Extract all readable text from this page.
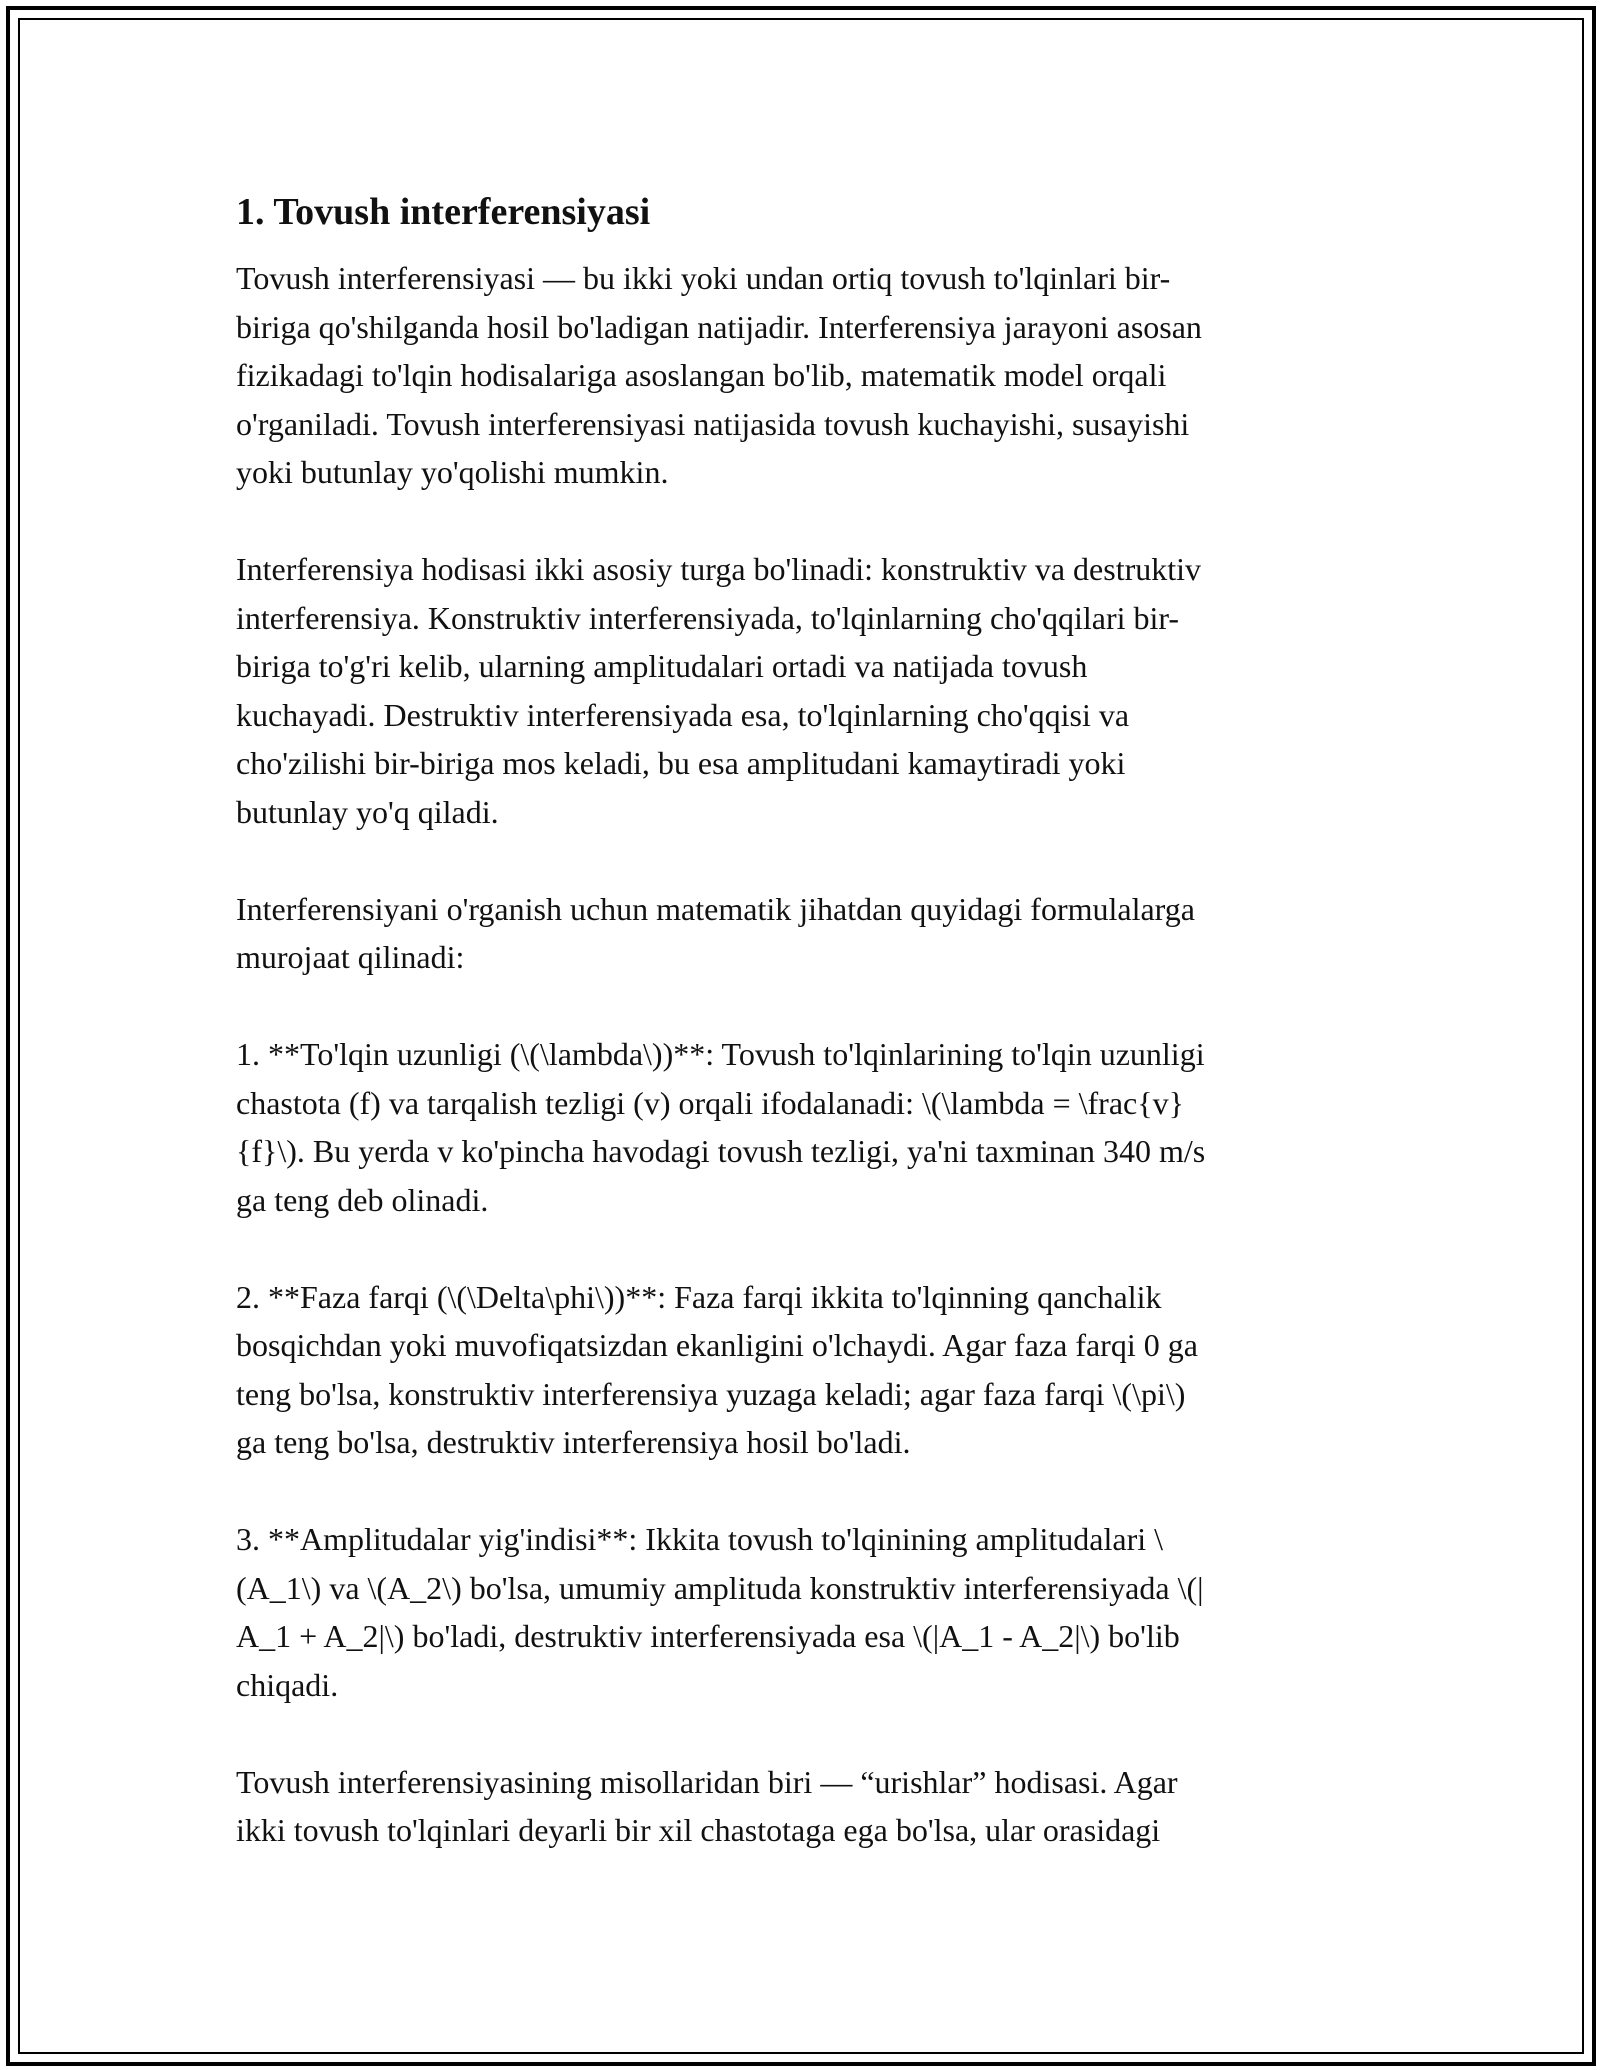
1. Tovush interferensiyasi
Tovush interferensiyasi — bu ikki yoki undan ortiq tovush to'lqinlari bir-
biriga qo'shilganda hosil bo'ladigan natijadir. Interferensiya jarayoni asosan
fizikadagi to'lqin hodisalariga asoslangan bo'lib, matematik model orqali
o'rganiladi. Tovush interferensiyasi natijasida tovush kuchayishi, susayishi
yoki butunlay yo'qolishi mumkin.
Interferensiya hodisasi ikki asosiy turga bo'linadi: konstruktiv va destruktiv
interferensiya. Konstruktiv interferensiyada, to'lqinlarning cho'qqilari bir-
biriga to'g'ri kelib, ularning amplitudalari ortadi va natijada tovush
kuchayadi. Destruktiv interferensiyada esa, to'lqinlarning cho'qqisi va
cho'zilishi bir-biriga mos keladi, bu esa amplitudani kamaytiradi yoki
butunlay yo'q qiladi.
Interferensiyani o'rganish uchun matematik jihatdan quyidagi formulalarga
murojaat qilinadi:
1. **To'lqin uzunligi (\(\lambda\))**: Tovush to'lqinlarining to'lqin uzunligi
chastota (f) va tarqalish tezligi (v) orqali ifodalanadi: \(\lambda = \frac{v}
{f}\). Bu yerda v ko'pincha havodagi tovush tezligi, ya'ni taxminan 340 m/s
ga teng deb olinadi.
2. **Faza farqi (\(\Delta\phi\))**: Faza farqi ikkita to'lqinning qanchalik
bosqichdan yoki muvofiqatsizdan ekanligini o'lchaydi. Agar faza farqi 0 ga
teng bo'lsa, konstruktiv interferensiya yuzaga keladi; agar faza farqi \(\pi\)
ga teng bo'lsa, destruktiv interferensiya hosil bo'ladi.
3. **Amplitudalar yig'indisi**: Ikkita tovush to'lqinining amplitudalari \
(A_1\) va \(A_2\) bo'lsa, umumiy amplituda konstruktiv interferensiyada \(|
A_1 + A_2|\) bo'ladi, destruktiv interferensiyada esa \(|A_1 - A_2|\) bo'lib
chiqadi.
Tovush interferensiyasining misollaridan biri — “urishlar” hodisasi. Agar
ikki tovush to'lqinlari deyarli bir xil chastotaga ega bo'lsa, ular orasidagi
